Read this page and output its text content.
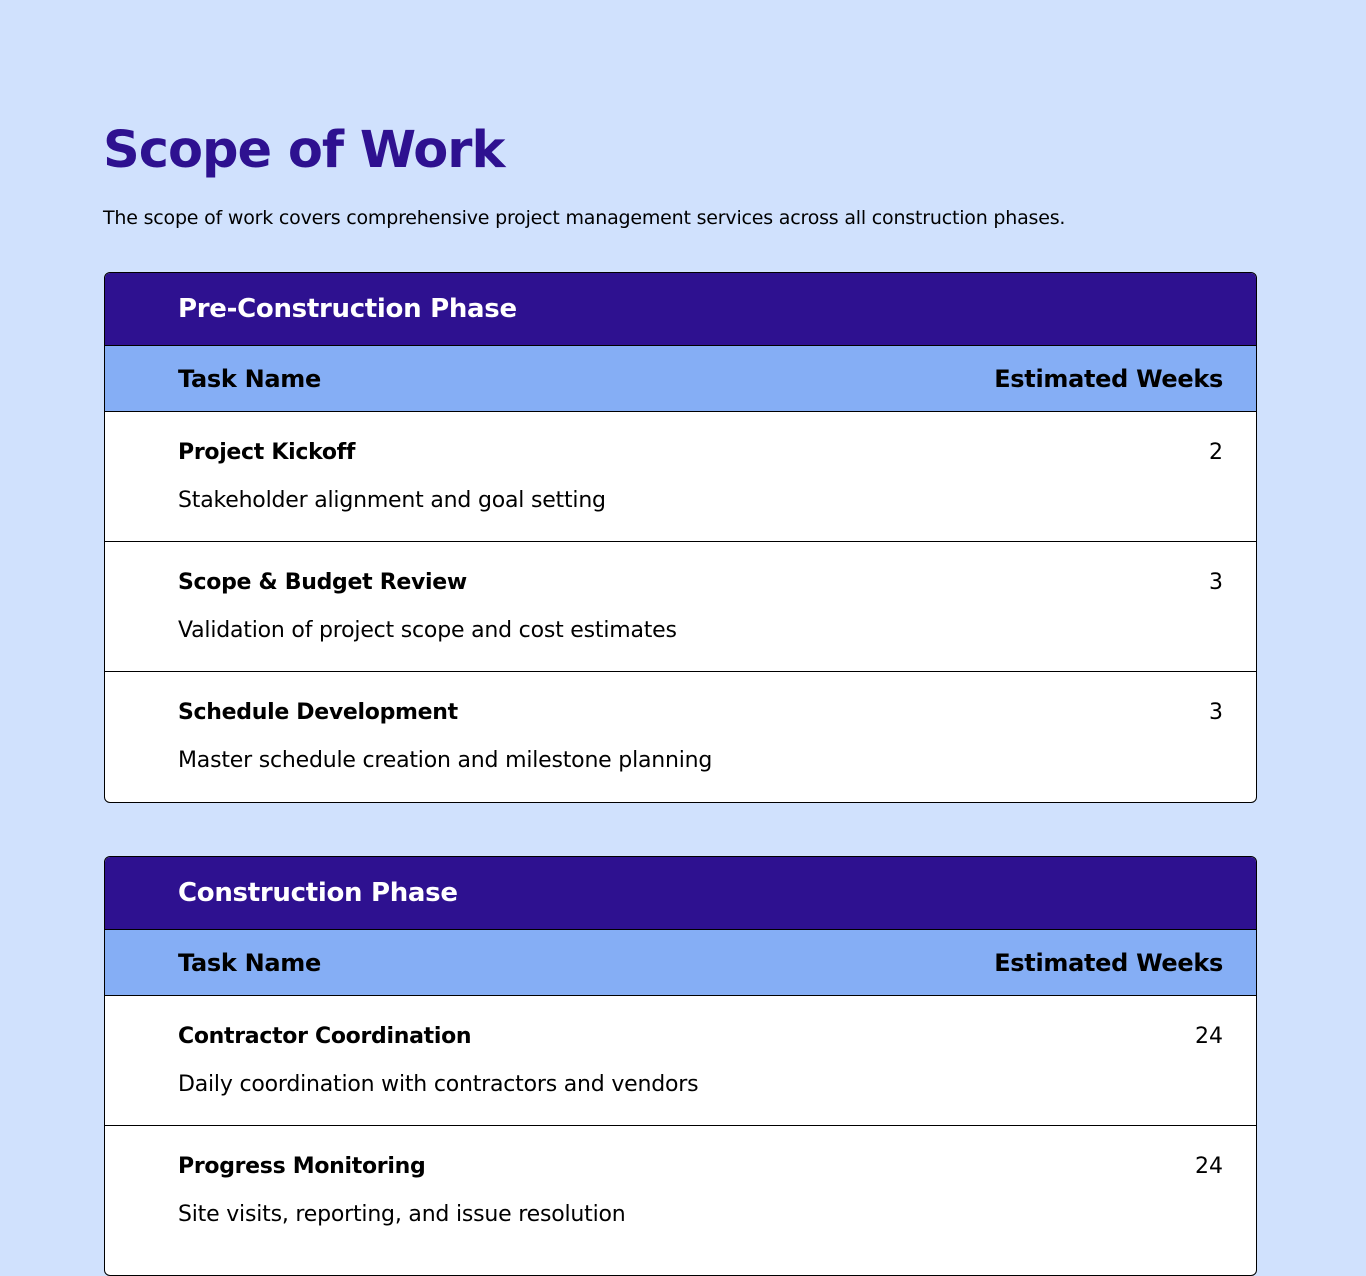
Scope of Work

The scope of work covers comprehensive project management services across all construction phases.

Pre-Construction Phase
Task Name	Estimated Weeks
Project Kickoff	2
Stakeholder alignment and goal setting
Scope & Budget Review	3
Validation of project scope and cost estimates
Schedule Development	3
Master schedule creation and milestone planning
Construction Phase
Task Name	Estimated Weeks
Contractor Coordination	24
Daily coordination with contractors and vendors
Progress Monitoring	24
Site visits, reporting, and issue resolution
